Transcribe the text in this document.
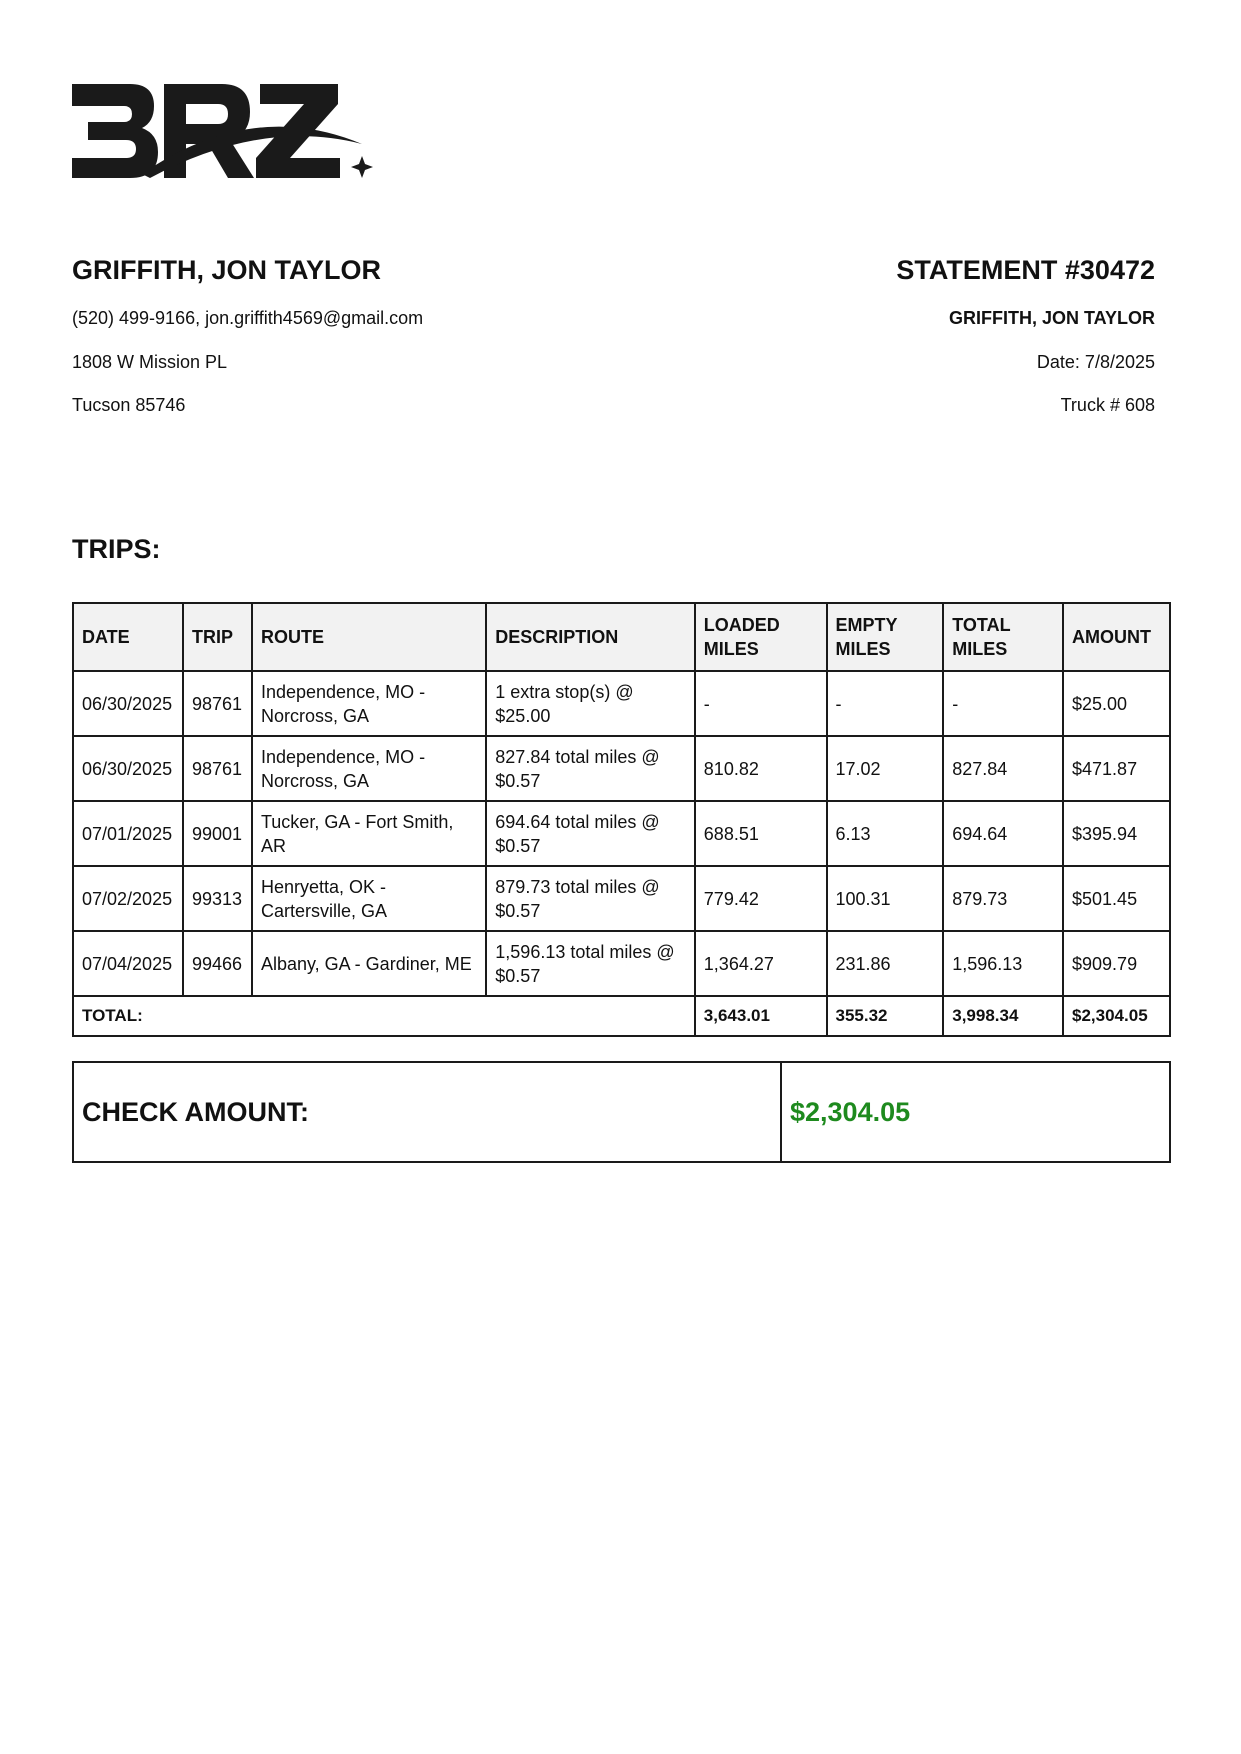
GRIFFITH, JON TAYLOR

(520) 499-9166, jon.griffith4569@gmail.com

1808 W Mission PL

Tucson 85746

STATEMENT #30472

GRIFFITH, JON TAYLOR

Date: 7/8/2025

Truck # 608

TRIPS:
DATE	TRIP	ROUTE	DESCRIPTION	LOADED MILES	EMPTY MILES	TOTAL MILES	AMOUNT
06/30/2025	98761	Independence, MO - Norcross, GA	1 extra stop(s) @ $25.00	-	-	-	$25.00
06/30/2025	98761	Independence, MO - Norcross, GA	827.84 total miles @ $0.57	810.82	17.02	827.84	$471.87
07/01/2025	99001	Tucker, GA - Fort Smith, AR	694.64 total miles @ $0.57	688.51	6.13	694.64	$395.94
07/02/2025	99313	Henryetta, OK - Cartersville, GA	879.73 total miles @ $0.57	779.42	100.31	879.73	$501.45
07/04/2025	99466	Albany, GA - Gardiner, ME	1,596.13 total miles @ $0.57	1,364.27	231.86	1,596.13	$909.79
TOTAL:				3,643.01	355.32	3,998.34	$2,304.05
CHECK AMOUNT:	$2,304.05
